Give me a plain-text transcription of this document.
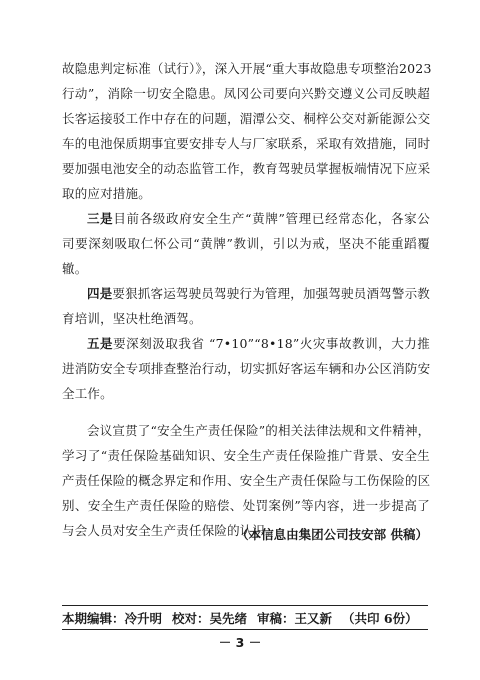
故隐患判定标准（试行）》，深入开展“重大事故隐患专项整治2023
行动”，消除一切安全隐患。凤冈公司要向兴黔交遵义公司反映超
长客运接驳工作中存在的问题，湄潭公交、桐梓公交对新能源公交
车的电池保质期事宜要安排专人与厂家联系，采取有效措施，同时
要加强电池安全的动态监管工作，教育驾驶员掌握板端情况下应采
取的应对措施。
三是目前各级政府安全生产“黄牌”管理已经常态化，各家公
司要深刻吸取仁怀公司“黄牌”教训，引以为戒，坚决不能重蹈覆
辙。
四是要狠抓客运驾驶员驾驶行为管理，加强驾驶员酒驾警示教
育培训，坚决杜绝酒驾。
五是要深刻汲取我省 “7•10”“8•18”火灾事故教训，大力推
进消防安全专项排查整治行动，切实抓好客运车辆和办公区消防安
全工作。
会议宣贯了“安全生产责任保险”的相关法律法规和文件精神，
学习了“责任保险基础知识、安全生产责任保险推广背景、安全生
产责任保险的概念界定和作用、安全生产责任保险与工伤保险的区
别、安全生产责任保险的赔偿、处罚案例”等内容，进一步提高了
与会人员对安全生产责任保险的认识。
（本信息由集团公司技安部 供稿）
本期编辑：冷升明 校对：吴先绪 审稿：王又新 （共印 6份）
－ 3 －
